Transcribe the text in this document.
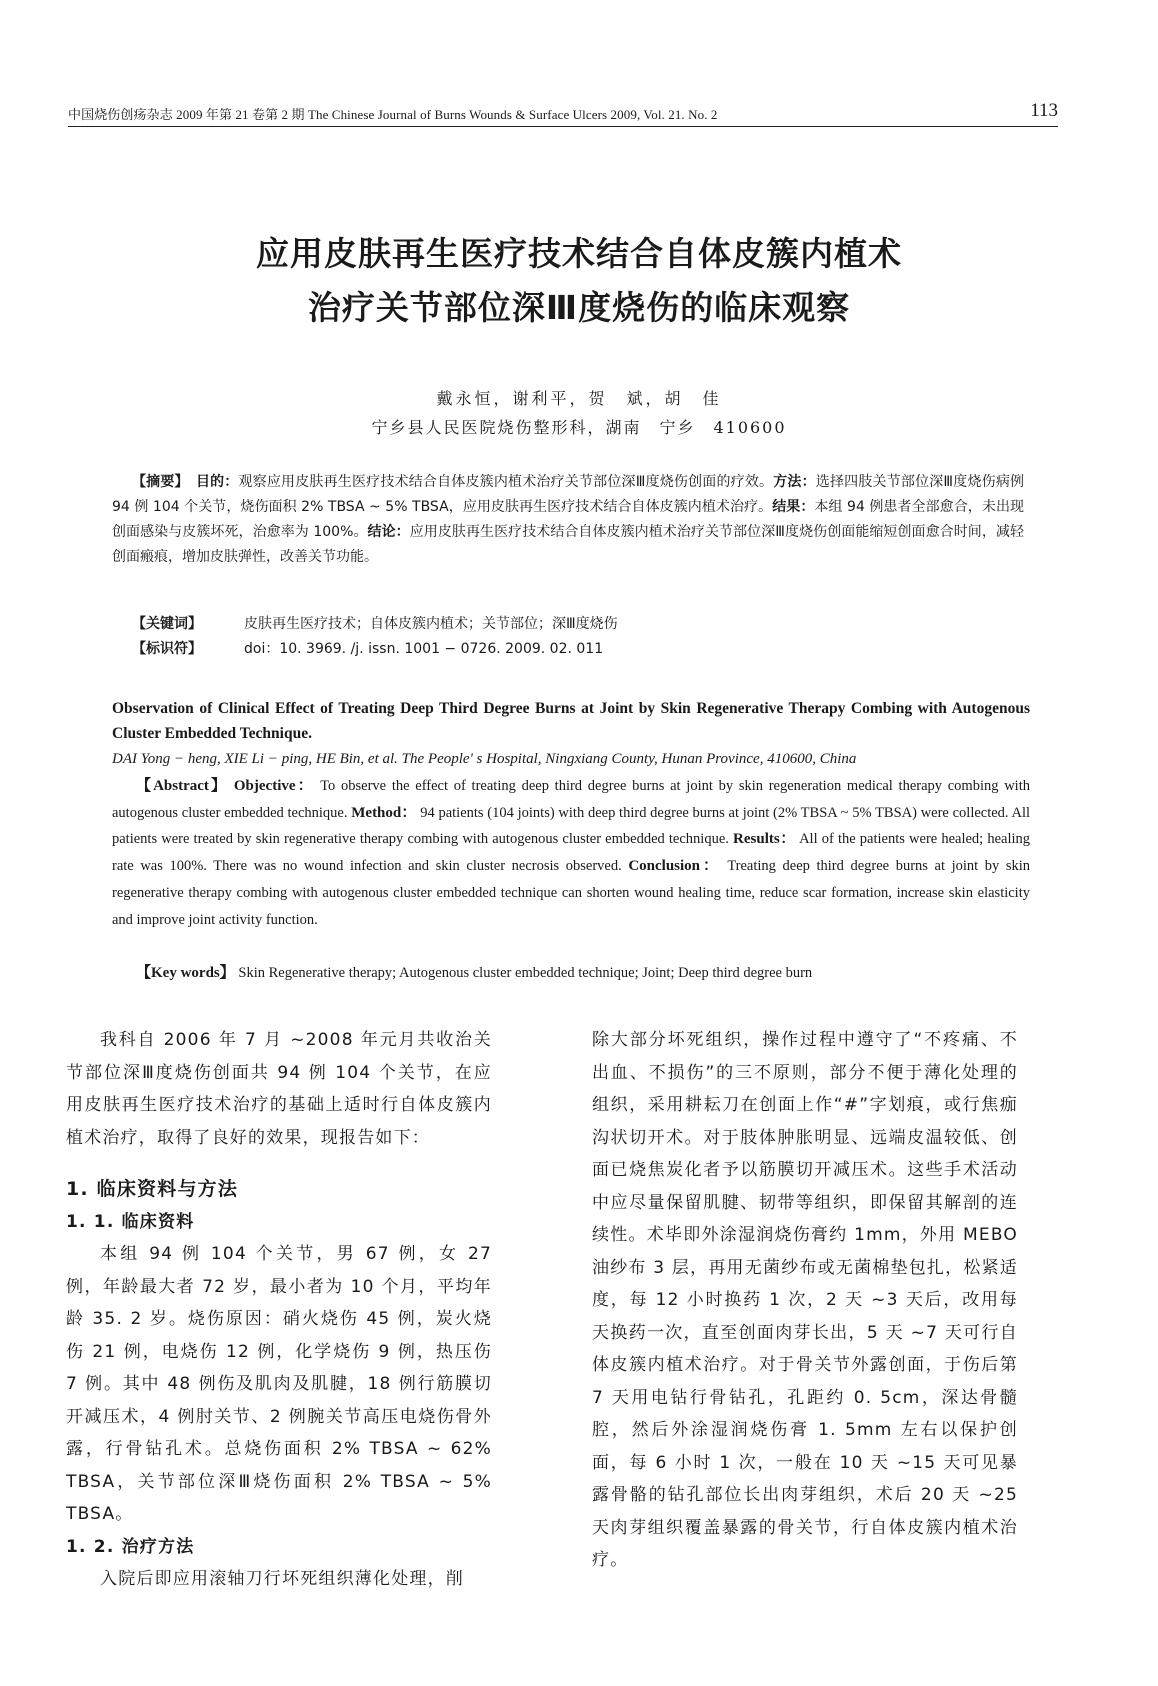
中国烧伤创疡杂志 2009 年第 21 卷第 2 期 The Chinese Journal of Burns Wounds & Surface Ulcers 2009, Vol. 21. No. 2	113
应用皮肤再生医疗技术结合自体皮簇内植术
治疗关节部位深Ⅲ度烧伤的临床观察
戴永恒，谢利平，贺　斌，胡　佳
宁乡县人民医院烧伤整形科，湖南　宁乡　410600
【摘要】　 目的：观察应用皮肤再生医疗技术结合自体皮簇内植术治疗关节部位深Ⅲ度烧伤创面的疗效。方法：选择四肢关节部位深Ⅲ度烧伤病例 94 例 104 个关节，烧伤面积 2% TBSA ~ 5% TBSA，应用皮肤再生医疗技术结合自体皮簇内植术治疗。结果：本组 94 例患者全部愈合，未出现创面感染与皮簇坏死，治愈率为 100%。结论：应用皮肤再生医疗技术结合自体皮簇内植术治疗关节部位深Ⅲ度烧伤创面能缩短创面愈合时间，减轻创面瘢痕，增加皮肤弹性，改善关节功能。
【关键词】	皮肤再生医疗技术；自体皮簇内植术；关节部位；深Ⅲ度烧伤
【标识符】	doi：10. 3969. /j. issn. 1001 − 0726. 2009. 02. 011
Observation of Clinical Effect of Treating Deep Third Degree Burns at Joint by Skin Regenerative Therapy Combing with Autogenous Cluster Embedded Technique.
DAI Yong − heng, XIE Li − ping, HE Bin, et al. The People' s Hospital, Ningxiang County, Hunan Province, 410600, China
【Abstract】 Objective： To observe the effect of treating deep third degree burns at joint by skin regeneration medical therapy combing with autogenous cluster embedded technique. Method： 94 patients (104 joints) with deep third degree burns at joint (2% TBSA ~ 5% TBSA) were collected. All patients were treated by skin regenerative therapy combing with autogenous cluster embedded technique. Results： All of the patients were healed; healing rate was 100%. There was no wound infection and skin cluster necrosis observed. Conclusion： Treating deep third degree burns at joint by skin regenerative therapy combing with autogenous cluster embedded technique can shorten wound healing time, reduce scar formation, increase skin elasticity and improve joint activity function.
【Key words】 Skin Regenerative therapy; Autogenous cluster embedded technique; Joint; Deep third degree burn

我科自 2006 年 7 月 ~2008 年元月共收治关节部位深Ⅲ度烧伤创面共 94 例 104 个关节，在应用皮肤再生医疗技术治疗的基础上适时行自体皮簇内植术治疗，取得了良好的效果，现报告如下：

1. 临床资料与方法
1. 1. 临床资料

本组 94 例 104 个关节，男 67 例，女 27 例，年龄最大者 72 岁，最小者为 10 个月，平均年龄 35. 2 岁。烧伤原因：硝火烧伤 45 例，炭火烧伤 21 例，电烧伤 12 例，化学烧伤 9 例，热压伤 7 例。其中 48 例伤及肌肉及肌腱，18 例行筋膜切开减压术，4 例肘关节、2 例腕关节高压电烧伤骨外露，行骨钻孔术。总烧伤面积 2% TBSA ~ 62% TBSA，关节部位深Ⅲ烧伤面积 2% TBSA ~ 5% TBSA。

1. 2. 治疗方法

入院后即应用滚轴刀行坏死组织薄化处理，削

除大部分坏死组织，操作过程中遵守了“不疼痛、不出血、不损伤”的三不原则，部分不便于薄化处理的组织，采用耕耘刀在创面上作“#”字划痕，或行焦痂沟状切开术。对于肢体肿胀明显、远端皮温较低、创面已烧焦炭化者予以筋膜切开减压术。这些手术活动中应尽量保留肌腱、韧带等组织，即保留其解剖的连续性。术毕即外涂湿润烧伤膏约 1mm，外用 MEBO 油纱布 3 层，再用无菌纱布或无菌棉垫包扎，松紧适度，每 12 小时换药 1 次，2 天 ~3 天后，改用每天换药一次，直至创面肉芽长出，5 天 ~7 天可行自体皮簇内植术治疗。对于骨关节外露创面，于伤后第 7 天用电钻行骨钻孔，孔距约 0. 5cm，深达骨髓腔，然后外涂湿润烧伤膏 1. 5mm 左右以保护创面，每 6 小时 1 次，一般在 10 天 ~15 天可见暴露骨骼的钻孔部位长出肉芽组织，术后 20 天 ~25 天肉芽组织覆盖暴露的骨关节，行自体皮簇内植术治疗。
